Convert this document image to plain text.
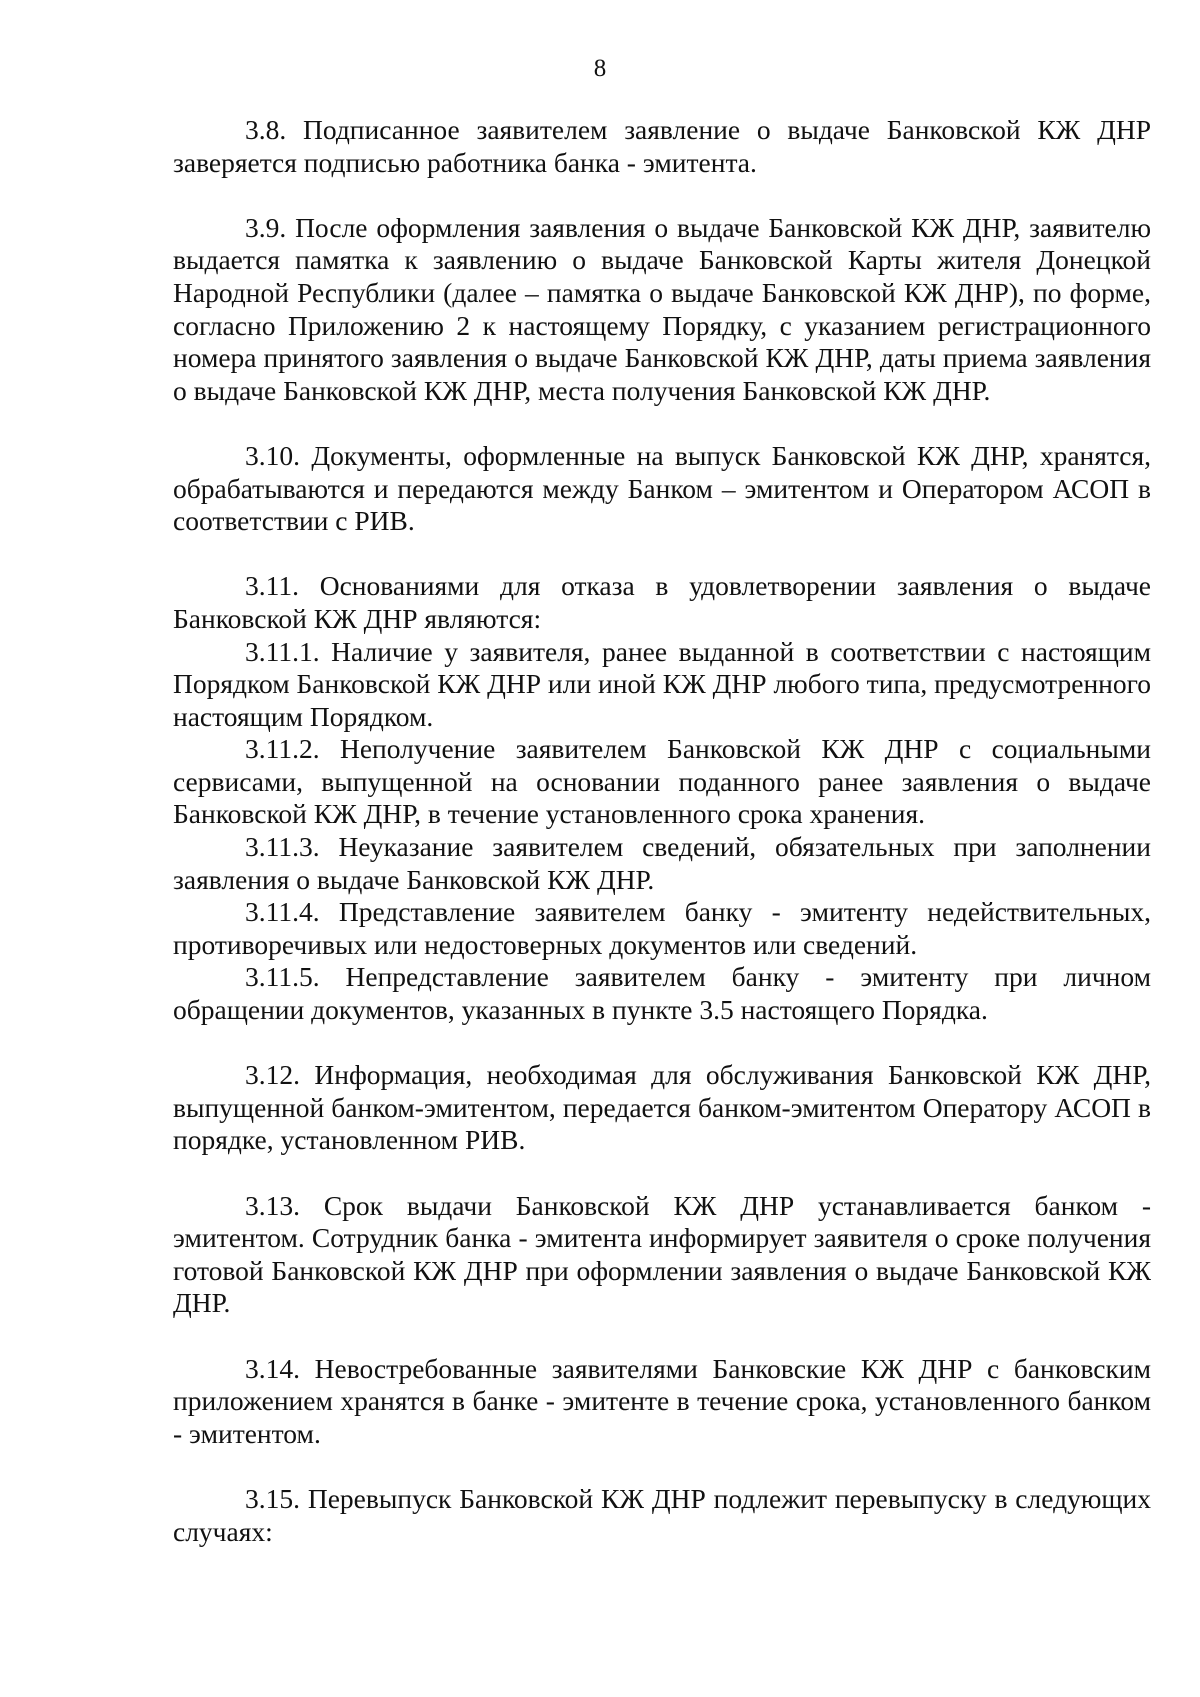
8

3.8. Подписанное заявителем заявление о выдаче Банковской КЖ ДНР заверяется подписью работника банка - эмитента.

3.9. После оформления заявления о выдаче Банковской КЖ ДНР, заявителю выдается памятка к заявлению о выдаче Банковской Карты жителя Донецкой Народной Республики (далее – памятка о выдаче Банковской КЖ ДНР), по форме, согласно Приложению 2 к настоящему Порядку, с указанием регистрационного номера принятого заявления о выдаче Банковской КЖ ДНР, даты приема заявления о выдаче Банковской КЖ ДНР, места получения Банковской КЖ ДНР.

3.10. Документы, оформленные на выпуск Банковской КЖ ДНР, хранятся, обрабатываются и передаются между Банком – эмитентом и Оператором АСОП в соответствии с РИВ.

3.11. Основаниями для отказа в удовлетворении заявления о выдаче Банковской КЖ ДНР являются:

3.11.1. Наличие у заявителя, ранее выданной в соответствии с настоящим Порядком Банковской КЖ ДНР или иной КЖ ДНР любого типа, предусмотренного настоящим Порядком.

3.11.2. Неполучение заявителем Банковской КЖ ДНР с социальными сервисами, выпущенной на основании поданного ранее заявления о выдаче Банковской КЖ ДНР, в течение установленного срока хранения.

3.11.3. Неуказание заявителем сведений, обязательных при заполнении заявления о выдаче Банковской КЖ ДНР.

3.11.4. Представление заявителем банку - эмитенту недействительных, противоречивых или недостоверных документов или сведений.

3.11.5. Непредставление заявителем банку - эмитенту при личном обращении документов, указанных в пункте 3.5 настоящего Порядка.

3.12. Информация, необходимая для обслуживания Банковской КЖ ДНР, выпущенной банком-эмитентом, передается банком-эмитентом Оператору АСОП в порядке, установленном РИВ.

3.13. Срок выдачи Банковской КЖ ДНР устанавливается банком - эмитентом. Сотрудник банка - эмитента информирует заявителя о сроке получения готовой Банковской КЖ ДНР при оформлении заявления о выдаче Банковской КЖ ДНР.

3.14. Невостребованные заявителями Банковские КЖ ДНР с банковским приложением хранятся в банке - эмитенте в течение срока, установленного банком - эмитентом.

3.15. Перевыпуск Банковской КЖ ДНР подлежит перевыпуску в следующих случаях:
